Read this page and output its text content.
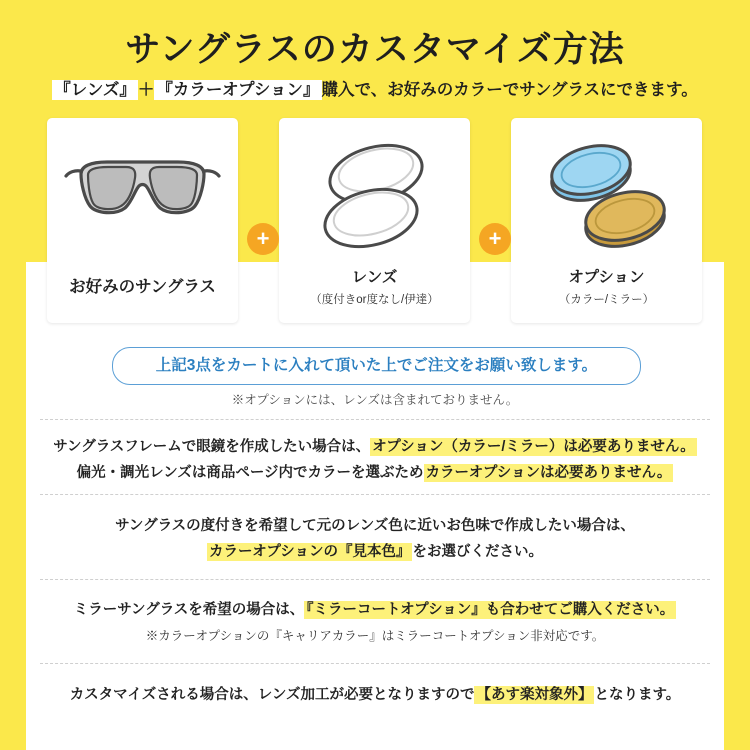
サングラスのカスタマイズ方法
『レンズ』 ＋ 『カラーオプション』 購入で、お好みのカラーでサングラスにできます。
お好みのサングラス
レンズ
（度付きor度なし/伊達）
オプション
（カラー/ミラー）
+	+
上記3点をカートに入れて頂いた上でご注文をお願い致します。
※オプションには、レンズは含まれておりません。
サングラスフレームで眼鏡を作成したい場合は、 オプション（カラー/ミラー）は必要ありません。
偏光・調光レンズは商品ページ内でカラーを選ぶため カラーオプションは必要ありません。
サングラスの度付きを希望して元のレンズ色に近いお色味で作成したい場合は、
カラーオプションの『見本色』 をお選びください。
ミラーサングラスを希望の場合は、 『ミラーコートオプション』も合わせてご購入ください。
※カラーオプションの『キャリアカラー』はミラーコートオプション非対応です。
カスタマイズされる場合は、レンズ加工が必要となりますので 【あす楽対象外】 となります。
